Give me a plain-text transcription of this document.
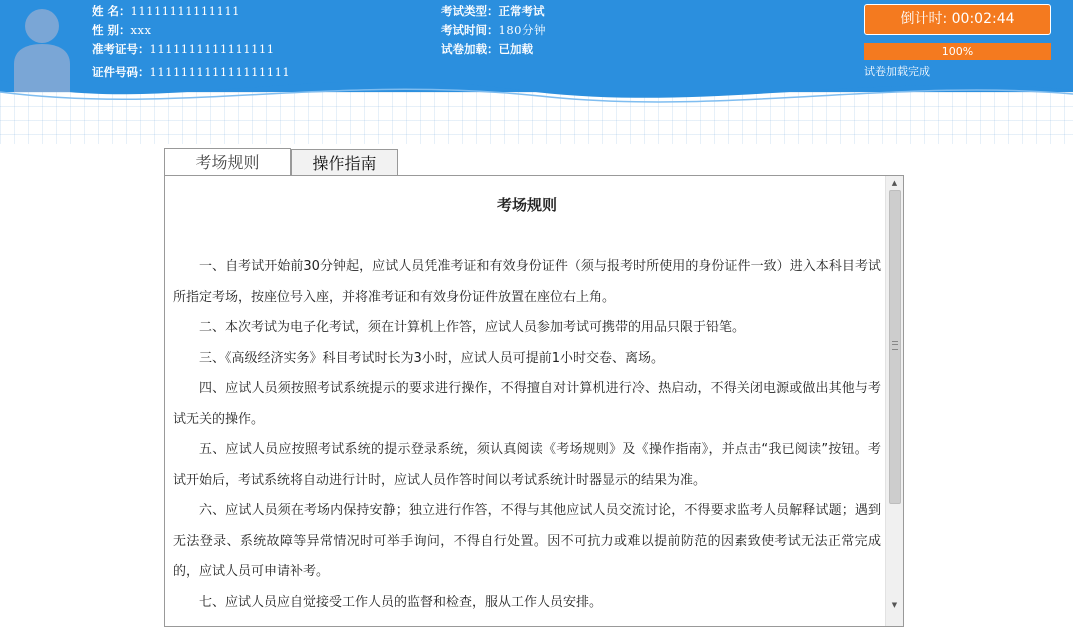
姓 名：11111111111111
性 别：xxx
准考证号：1111111111111111
证件号码：111111111111111111
考试类型：正常考试
考试时间：180分钟
试卷加载：已加载
倒计时: 00:02:44
100%
试卷加载完成
考场规则	操作指南
考场规则

一、自考试开始前30分钟起，应试人员凭准考证和有效身份证件（须与报考时所使用的身份证件一致）进入本科目考试所指定考场，按座位号入座，并将准考证和有效身份证件放置在座位右上角。

二、本次考试为电子化考试，须在计算机上作答，应试人员参加考试可携带的用品只限于铅笔。

三、《高级经济实务》科目考试时长为3小时，应试人员可提前1小时交卷、离场。

四、应试人员须按照考试系统提示的要求进行操作，不得擅自对计算机进行冷、热启动，不得关闭电源或做出其他与考试无关的操作。

五、应试人员应按照考试系统的提示登录系统，须认真阅读《考场规则》及《操作指南》，并点击“我已阅读”按钮。考试开始后，考试系统将自动进行计时，应试人员作答时间以考试系统计时器显示的结果为准。

六、应试人员须在考场内保持安静；独立进行作答，不得与其他应试人员交流讨论，不得要求监考人员解释试题；遇到无法登录、系统故障等异常情况时可举手询问，不得自行处置。因不可抗力或难以提前防范的因素致使考试无法正常完成的，应试人员可申请补考。

七、应试人员应自觉接受工作人员的监督和检查，服从工作人员安排。

▲
▼
